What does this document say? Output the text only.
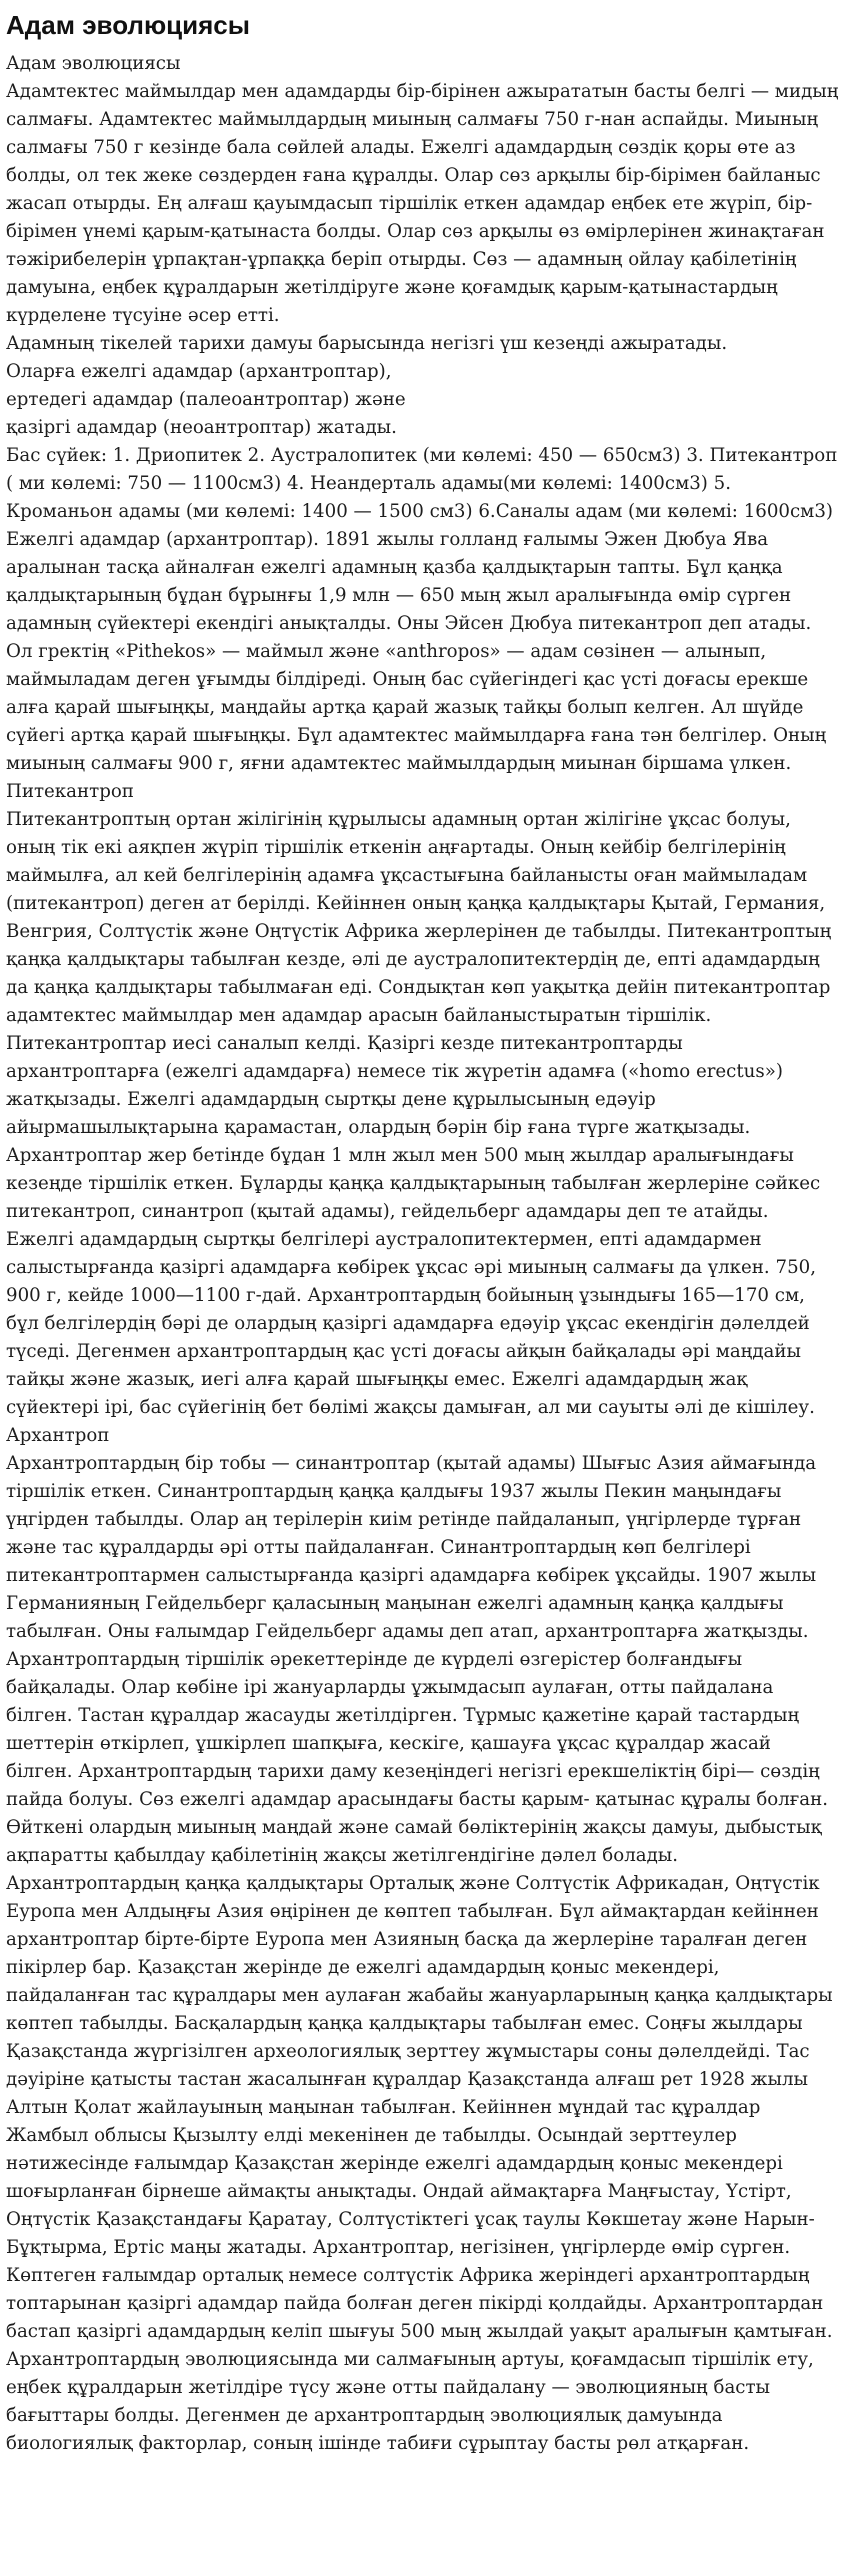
Адам эволюциясы

Адам эволюциясы

Адамтектес маймылдар мен адамдарды бір-бірінен ажырататын басты белгі — мидың салмағы. Адамтектес маймылдардың миының салмағы 750 г-нан аспайды. Миының салмағы 750 г кезінде бала сөйлей алады. Ежелгі адамдардың сөздік қоры өте аз болды, ол тек жеке сөздерден ғана құралды. Олар сөз арқылы бір-бірімен байланыс жасап отырды. Ең алғаш қауымдасып тіршілік еткен адамдар еңбек ете жүріп, бір-бірімен үнемі қарым-қатынаста болды. Олар сөз арқылы өз өмірлерінен жинақтаған тәжірибелерін ұрпақтан-ұрпаққа беріп отырды. Сөз — адамның ойлау қабілетінің дамуына, еңбек құралдарын жетілдіруге және қоғамдық қарым-қатынастардың күрделене түсуіне әсер етті.

Адамның тікелей тарихи дамуы барысында негізгі үш кезеңді ажыратады.

Оларға ежелгі адамдар (архантроптар),

ертедегі адамдар (палеоантроптар) және

қазіргі адамдар (неоантроптар) жатады.

Бас сүйек: 1. Дриопитек 2. Аустралопитек (ми көлемі: 450 — 650см3) 3. Питекантроп ( ми көлемі: 750 — 1100см3) 4. Неандерталь адамы(ми көлемі: 1400см3) 5. Кроманьон адамы (ми көлемі: 1400 — 1500 см3) 6.Саналы адам (ми көлемі: 1600см3)

Ежелгі адамдар (архантроптар). 1891 жылы голланд ғалымы Эжен Дюбуа Ява аралынан тасқа айналған ежелгі адамның қазба қалдықтарын тапты. Бұл қаңқа қалдықтарының бұдан бұрынғы 1,9 млн — 650 мың жыл аралығында өмір сүрген адамның сүйектері екендігі анықталды. Оны Эйсен Дюбуа питекантроп деп атады. Ол гректің «Pithekos» — маймыл және «anthropos» — адам сөзінен — алынып, маймыладам деген ұғымды білдіреді. Оның бас сүйегіндегі қас үсті доғасы ерекше алға қарай шығыңқы, маңдайы артқа қарай жазық тайқы болып келген. Ал шүйде сүйегі артқа қарай шығыңқы. Бұл адамтектес маймылдарға ғана тән белгілер. Оның миының салмағы 900 г, яғни адамтектес маймылдардың миынан біршама үлкен.

Питекантроп

Питекантроптың ортан жілігінің құрылысы адамның ортан жілігіне ұқсас болуы, оның тік екі аяқпен жүріп тіршілік еткенін аңғартады. Оның кейбір белгілерінің маймылға, ал кей белгілерінің адамға ұқсастығына байланысты оған маймыладам (питекантроп) деген ат берілді. Кейіннен оның қаңқа қалдықтары Қытай, Германия, Венгрия, Солтүстік және Оңтүстік Африка жерлерінен де табылды. Питекантроптың қаңқа қалдықтары табылған кезде, әлі де аустралопитектердің де, епті адамдардың да қаңқа қалдықтары табылмаған еді. Сондықтан көп уақытқа дейін питекантроптар адамтектес маймылдар мен адамдар арасын байланыстыратын тіршілік. Питекантроптар иесі саналып келді. Қазіргі кезде питекантроптарды архантроптарға (ежелгі адамдарға) немесе тік жүретін адамға («homo erectus») жатқызады. Ежелгі адамдардың сыртқы дене құрылысының едәуір айырмашылықтарына қарамастан, олардың бәрін бір ғана түрге жатқызады. Архантроптар жер бетінде бұдан 1 млн жыл мен 500 мың жылдар аралығындағы кезеңде тіршілік еткен. Бұларды қаңқа қалдықтарының табылған жерлеріне сәйкес питекантроп, синантроп (қытай адамы), гейдельберг адамдары деп те атайды. Ежелгі адамдардың сыртқы белгілері аустралопитектермен, епті адамдармен салыстырғанда қазіргі адамдарға көбірек ұқсас әрі миының салмағы да үлкен. 750, 900 г, кейде 1000—1100 г-дай. Архантроптардың бойының ұзындығы 165—170 см, бұл белгілердің бәрі де олардың қазіргі адамдарға едәуір ұқсас екендігін дәлелдей түседі. Дегенмен архантроптардың қас үсті доғасы айқын байқалады әрі маңдайы тайқы және жазық, иегі алға қарай шығыңқы емес. Ежелгі адамдардың жақ сүйектері ірі, бас сүйегінің бет бөлімі жақсы дамыған, ал ми сауыты әлі де кішілеу.

Архантроп

Архантроптардың бір тобы — синантроптар (қытай адамы) Шығыс Азия аймағында тіршілік еткен. Синантроптардың қаңқа қалдығы 1937 жылы Пекин маңындағы үңгірден табылды. Олар аң терілерін киім ретінде пайдаланып, үңгірлерде тұрған және тас құралдарды әрі отты пайдаланған. Синантроптардың көп белгілері питекантроптармен салыстырғанда қазіргі адамдарға көбірек ұқсайды. 1907 жылы Германияның Гейдельберг қаласының маңынан ежелгі адамның қаңқа қалдығы табылған. Оны ғалымдар Гейдельберг адамы деп атап, архантроптарға жатқызды. Архантроптардың тіршілік әрекеттерінде де күрделі өзгерістер болғандығы байқалады. Олар көбіне ірі жануарларды ұжымдасып аулаған, отты пайдалана білген. Тастан құралдар жасауды жетілдірген. Тұрмыс қажетіне қарай тастардың шеттерін өткірлеп, ұшкірлеп шапқыға, кескіге, қашауға ұқсас құралдар жасай білген. Архантроптардың тарихи даму кезеңіндегі негізгі ерекшеліктің бірі— сөздің пайда болуы. Сөз ежелгі адамдар арасындағы басты қарым- қатынас құралы болған. Өйткені олардың миының маңдай және самай бөліктерінің жақсы дамуы, дыбыстық ақпаратты қабылдау қабілетінің жақсы жетілгендігіне дәлел болады. Архантроптардың қаңқа қалдықтары Орталық және Солтүстік Африкадан, Оңтүстік Еуропа мен Алдыңғы Азия өңірінен де көптеп табылған. Бұл аймақтардан кейіннен архантроптар бірте-бірте Еуропа мен Азияның басқа да жерлеріне таралған деген пікірлер бар. Қазақстан жерінде де ежелгі адамдардың қоныс мекендері, пайдаланған тас құралдары мен аулаған жабайы жануарларының қаңқа қалдықтары көптеп табылды. Басқалардың қаңқа қалдықтары табылған емес. Соңғы жылдары Қазақстанда жүргізілген археологиялық зерттеу жұмыстары соны дәлелдейді. Тас дәуіріне қатысты тастан жасалынған құралдар Қазақстанда алғаш рет 1928 жылы Алтын Қолат жайлауының маңынан табылған. Кейіннен мұндай тас құралдар Жамбыл облысы Қызылту елді мекенінен де табылды. Осындай зерттеулер нәтижесінде ғалымдар Қазақстан жерінде ежелгі адамдардың қоныс мекендері шоғырланған бірнеше аймақты анықтады. Ондай аймақтарға Маңғыстау, Үстірт, Оңтүстік Қазақстандағы Қаратау, Солтүстіктегі ұсақ таулы Көкшетау және Нарын- Бұқтырма, Ертіс маңы жатады. Архантроптар, негізінен, үңгірлерде өмір сүрген. Көптеген ғалымдар орталық немесе солтүстік Африка жеріндегі архантроптардың топтарынан қазіргі адамдар пайда болған деген пікірді қолдайды. Архантроптардан бастап қазіргі адамдардың келіп шығуы 500 мың жылдай уақыт аралығын қамтыған. Архантроптардың эволюциясында ми салмағының артуы, қоғамдасып тіршілік ету, еңбек құралдарын жетілдіре түсу және отты пайдалану — эволюцияның басты бағыттары болды. Дегенмен де архантроптардың эволюциялық дамуында биологиялық факторлар, соның ішінде табиғи сұрыптау басты рөл атқарған.
